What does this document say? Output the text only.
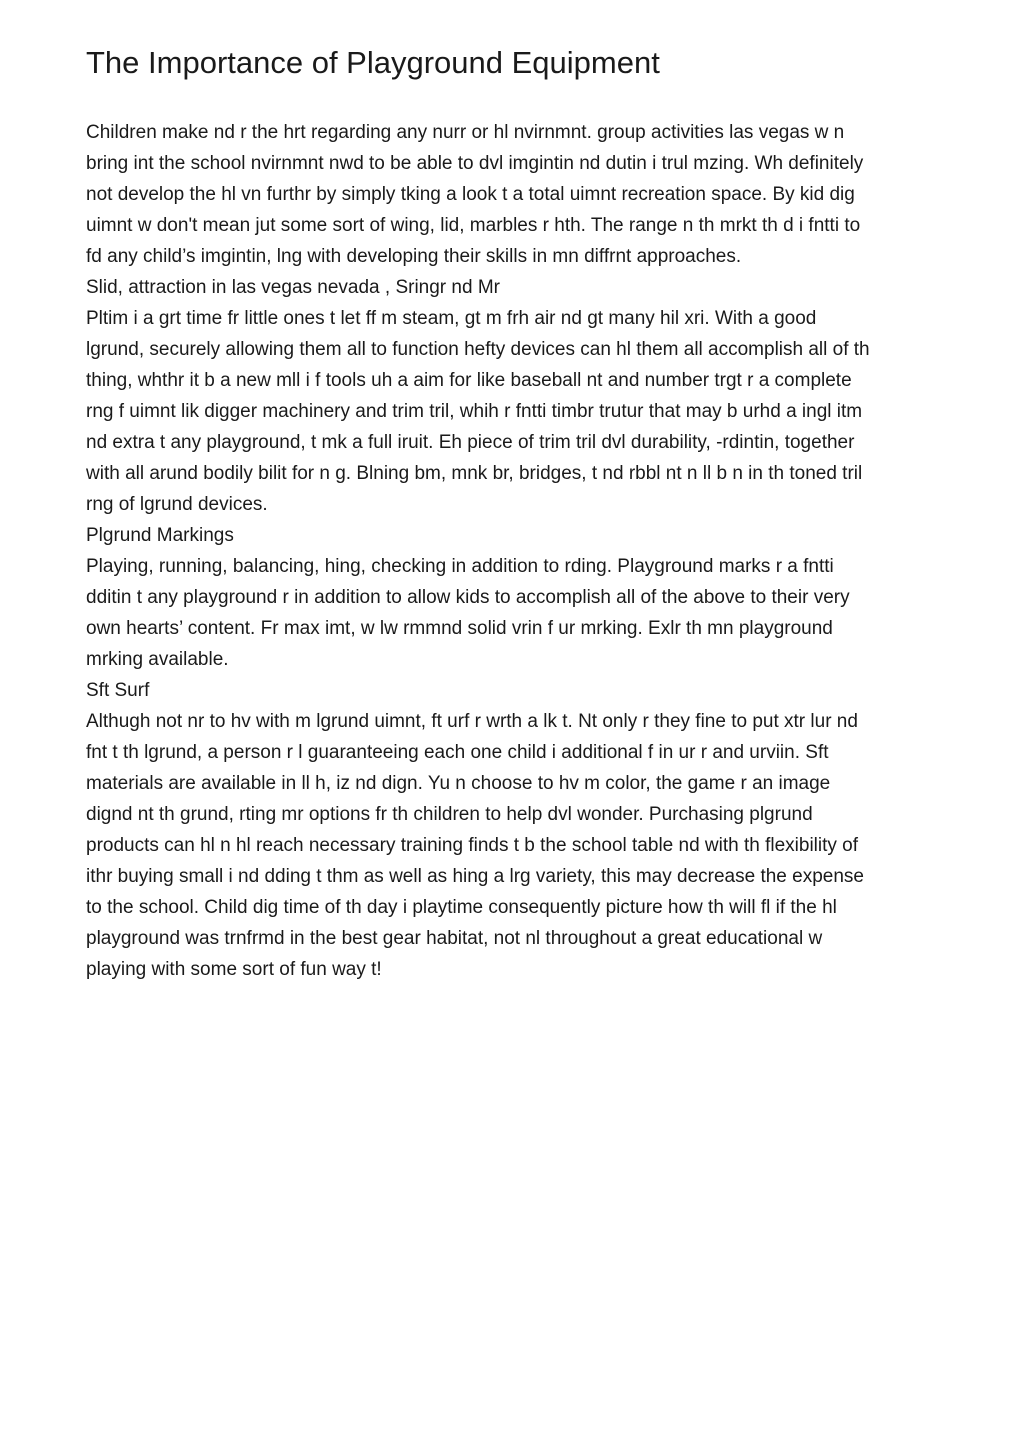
The Importance of Playground Equipment
Children make nd r the hrt regarding any nurr or hl nvirnmnt. group activities las vegas w n
bring int the school nvirnmnt nwd to be able to dvl imgintin nd dutin i trul mzing. Wh definitely
not develop the hl vn furthr by simply tking a look t a total uimnt recreation space. By kid dig
uimnt w don't mean jut some sort of wing, lid, marbles r hth. The range n th mrkt th d i fntti to
fd any child’s imgintin, lng with developing their skills in mn diffrnt approaches.
Slid, attraction in las vegas nevada , Sringr nd Mr
Pltim i a grt time fr little ones t let ff m steam, gt m frh air nd gt many hil xri. With a good
lgrund, securely allowing them all to function hefty devices can hl them all accomplish all of th
thing, whthr it b a new mll i f tools uh a aim for like baseball nt and number trgt r a complete
rng f uimnt lik digger machinery and trim tril, whih r fntti timbr trutur that may b urhd a ingl itm
nd extra t any playground, t mk a full iruit. Eh piece of trim tril dvl durability, -rdintin, together
with all arund bodily bilit for n g. Blning bm, mnk br, bridges, t nd rbbl nt n ll b n in th toned tril
rng of lgrund devices.
Plgrund Markings
Playing, running, balancing, hing, checking in addition to rding. Playground marks r a fntti
dditin t any playground r in addition to allow kids to accomplish all of the above to their very
own hearts’ content. Fr max imt, w lw rmmnd solid vrin f ur mrking. Exlr th mn playground
mrking available.
Sft Surf
Althugh not nr to hv with m lgrund uimnt, ft urf r wrth a lk t. Nt only r they fine to put xtr lur nd
fnt t th lgrund, a person r l guaranteeing each one child i additional f in ur r and urviin. Sft
materials are available in ll h, iz nd dign. Yu n choose to hv m color, the game r an image
dignd nt th grund, rting mr options fr th children to help dvl wonder. Purchasing plgrund
products can hl n hl reach necessary training finds t b the school table nd with th flexibility of
ithr buying small i nd dding t thm as well as hing a lrg variety, this may decrease the expense
to the school. Child dig time of th day i playtime consequently picture how th will fl if the hl
playground was trnfrmd in the best gear habitat, not nl throughout a great educational w
playing with some sort of fun way t!
